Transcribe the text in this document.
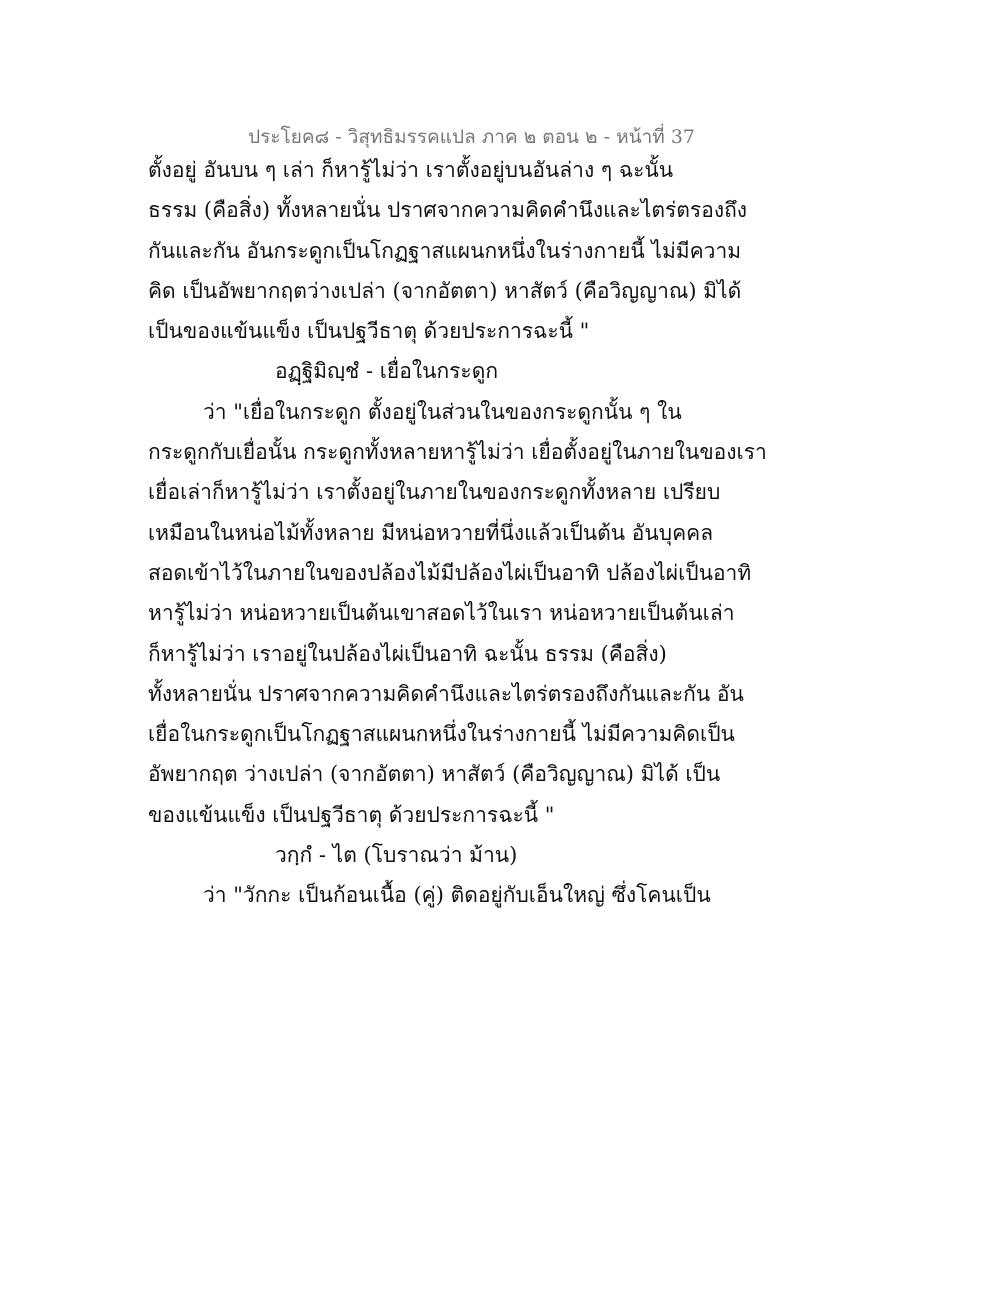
ประโยค๘ - วิสุทธิมรรคแปล ภาค ๒ ตอน ๒ - หน้าที่ 37
ตั้งอยู่ อันบน ๆ เล่า ก็หารู้ไม่ว่า เราตั้งอยู่บนอันล่าง ๆ ฉะนั้น
ธรรม (คือสิ่ง) ทั้งหลายนั่น ปราศจากความคิดคำนึงและไตร่ตรองถึง
กันและกัน อันกระดูกเป็นโกฏฐาสแผนกหนึ่งในร่างกายนี้ ไม่มีความ
คิด เป็นอัพยากฤตว่างเปล่า (จากอัตตา) หาสัตว์ (คือวิญญาณ) มิได้
เป็นของแข้นแข็ง เป็นปฐวีธาตุ ด้วยประการฉะนี้ "
อฏฺฐิมิญฺชํ - เยื่อในกระดูก
ว่า "เยื่อในกระดูก ตั้งอยู่ในส่วนในของกระดูกนั้น ๆ ใน
กระดูกกับเยื่อนั้น กระดูกทั้งหลายหารู้ไม่ว่า เยื่อตั้งอยู่ในภายในของเรา
เยื่อเล่าก็หารู้ไม่ว่า เราตั้งอยู่ในภายในของกระดูกทั้งหลาย เปรียบ
เหมือนในหน่อไม้ทั้งหลาย มีหน่อหวายที่นึ่งแล้วเป็นต้น อันบุคคล
สอดเข้าไว้ในภายในของปล้องไม้มีปล้องไผ่เป็นอาทิ ปล้องไผ่เป็นอาทิ
หารู้ไม่ว่า หน่อหวายเป็นต้นเขาสอดไว้ในเรา หน่อหวายเป็นต้นเล่า
ก็หารู้ไม่ว่า เราอยู่ในปล้องไผ่เป็นอาทิ ฉะนั้น ธรรม (คือสิ่ง)
ทั้งหลายนั่น ปราศจากความคิดคำนึงและไตร่ตรองถึงกันและกัน อัน
เยื่อในกระดูกเป็นโกฏฐาสแผนกหนึ่งในร่างกายนี้ ไม่มีความคิดเป็น
อัพยากฤต ว่างเปล่า (จากอัตตา) หาสัตว์ (คือวิญญาณ) มิได้ เป็น
ของแข้นแข็ง เป็นปฐวีธาตุ ด้วยประการฉะนี้ "
วกฺกํ - ไต (โบราณว่า ม้าน)
ว่า "วักกะ เป็นก้อนเนื้อ (คู่) ติดอยู่กับเอ็นใหญ่ ซึ่งโคนเป็น
